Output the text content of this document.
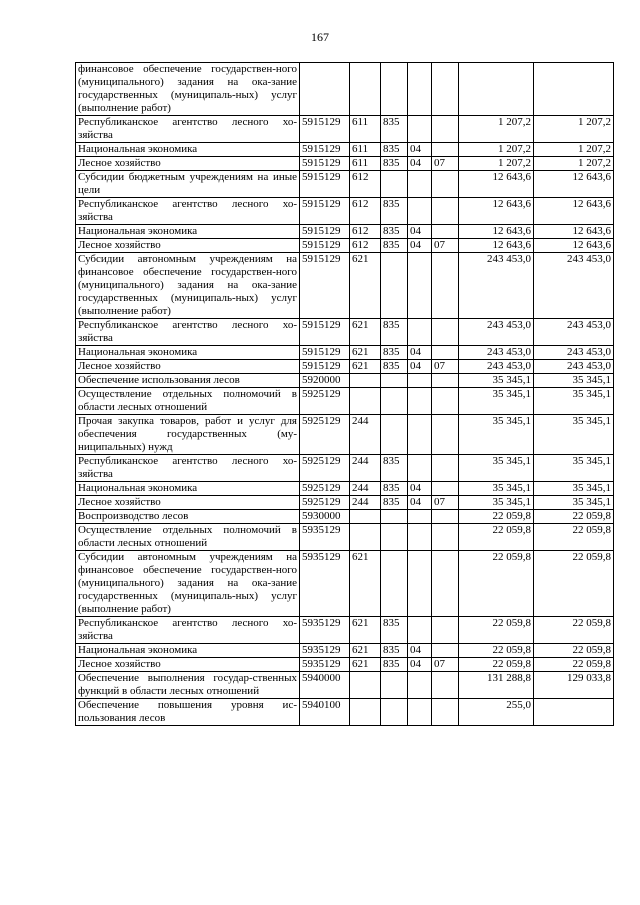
167
финансовое обеспечение государствен-ного (муниципального) задания на ока-зание государственных (муниципаль-ных) услуг (выполнение работ)							
Республиканское агентство лесного хо-зяйства	5915129	611	835			1 207,2	1 207,2
Национальная экономика	5915129	611	835	04		1 207,2	1 207,2
Лесное хозяйство	5915129	611	835	04	07	1 207,2	1 207,2
Субсидии бюджетным учреждениям на иные цели	5915129	612				12 643,6	12 643,6
Республиканское агентство лесного хо-зяйства	5915129	612	835			12 643,6	12 643,6
Национальная экономика	5915129	612	835	04		12 643,6	12 643,6
Лесное хозяйство	5915129	612	835	04	07	12 643,6	12 643,6
Субсидии автономным учреждениям на финансовое обеспечение государствен-ного (муниципального) задания на ока-зание государственных (муниципаль-ных) услуг (выполнение работ)	5915129	621				243 453,0	243 453,0
Республиканское агентство лесного хо-зяйства	5915129	621	835			243 453,0	243 453,0
Национальная экономика	5915129	621	835	04		243 453,0	243 453,0
Лесное хозяйство	5915129	621	835	04	07	243 453,0	243 453,0
Обеспечение использования лесов	5920000					35 345,1	35 345,1
Осуществление отдельных полномочий в области лесных отношений	5925129					35 345,1	35 345,1
Прочая закупка товаров, работ и услуг для обеспечения государственных (му-ниципальных) нужд	5925129	244				35 345,1	35 345,1
Республиканское агентство лесного хо-зяйства	5925129	244	835			35 345,1	35 345,1
Национальная экономика	5925129	244	835	04		35 345,1	35 345,1
Лесное хозяйство	5925129	244	835	04	07	35 345,1	35 345,1
Воспроизводство лесов	5930000					22 059,8	22 059,8
Осуществление отдельных полномочий в области лесных отношений	5935129					22 059,8	22 059,8
Субсидии автономным учреждениям на финансовое обеспечение государствен-ного (муниципального) задания на ока-зание государственных (муниципаль-ных) услуг (выполнение работ)	5935129	621				22 059,8	22 059,8
Республиканское агентство лесного хо-зяйства	5935129	621	835			22 059,8	22 059,8
Национальная экономика	5935129	621	835	04		22 059,8	22 059,8
Лесное хозяйство	5935129	621	835	04	07	22 059,8	22 059,8
Обеспечение выполнения государ-ственных функций в области лесных отношений	5940000					131 288,8	129 033,8
Обеспечение повышения уровня ис-пользования лесов	5940100					255,0	
